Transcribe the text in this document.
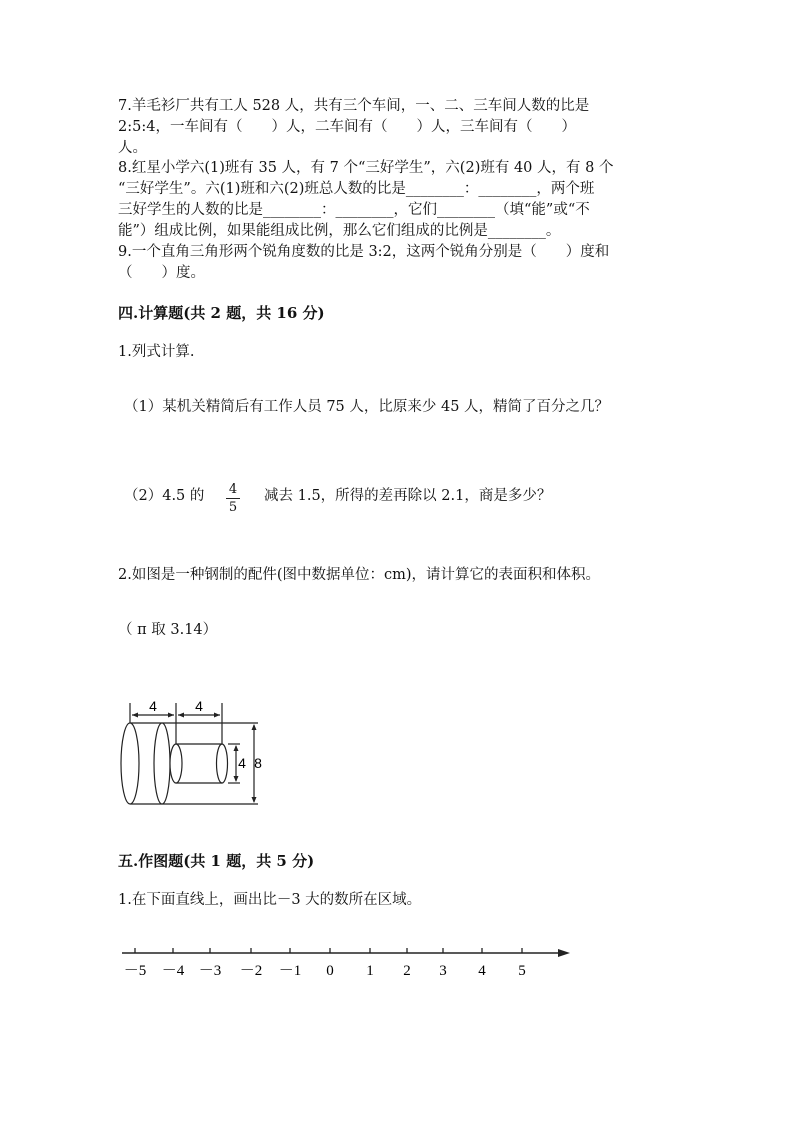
7.羊毛衫厂共有工人 528 人，共有三个车间，一、二、三车间人数的比是
2:5:4，一车间有（　　）人，二车间有（　　）人，三车间有（　　）
人。
8.红星小学六(1)班有 35 人，有 7 个“三好学生”，六(2)班有 40 人，有 8 个
“三好学生”。六(1)班和六(2)班总人数的比是________：________，两个班
三好学生的人数的比是________：________，它们________（填“能”或“不
能”）组成比例，如果能组成比例，那么它们组成的比例是________。
9.一个直角三角形两个锐角度数的比是 3:2，这两个锐角分别是（　　）度和
（　　）度。
四.计算题(共 2 题，共 16 分)
1.列式计算.
（1）某机关精简后有工作人员 75 人，比原来少 45 人，精简了百分之几？
（2）4.5 的 4
5
减去 1.5，所得的差再除以 2.1，商是多少？
2.如图是一种钢制的配件(图中数据单位：cm)，请计算它的表面积和体积。
（ π 取 3.14）
4	4
4 8
五.作图题(共 1 题，共 5 分)
1.在下面直线上，画出比－3 大的数所在区域。
－5 －4 －3 －2 －1 0 1 2 3 4 5
